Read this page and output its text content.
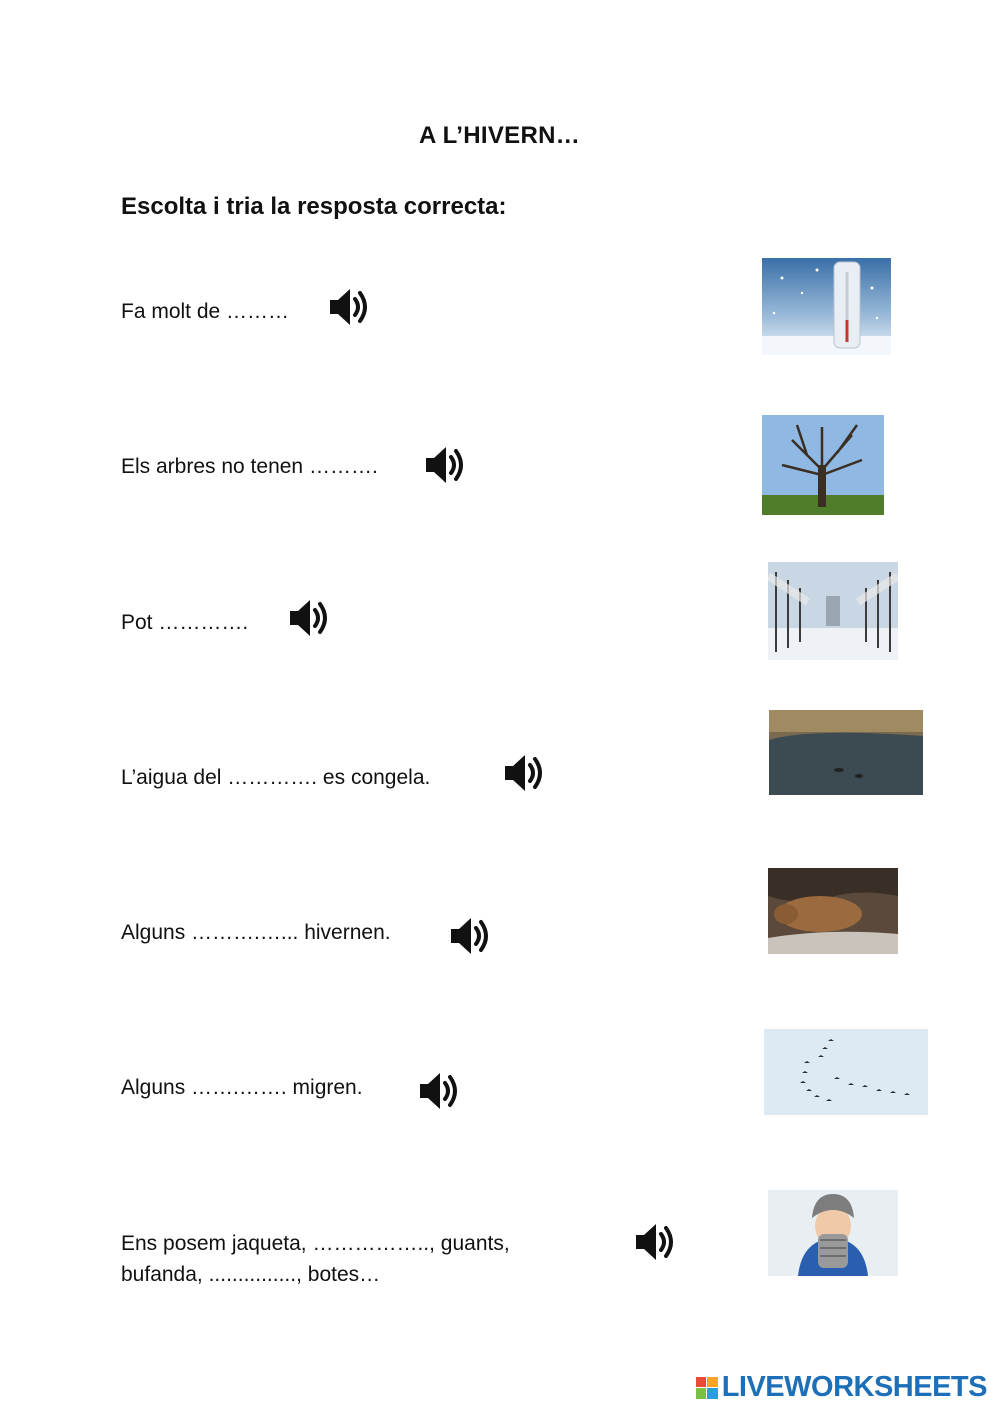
A L’HIVERN…
Escolta i tria la resposta correcta:
Fa molt de ………
Els arbres no tenen ……….
Pot ………….
L’aigua del …………. es congela.
Alguns ……….…... hivernen.
Alguns …….……. migren.
Ens posem jaqueta, …………….., guants,
bufanda, ..............., botes…
LIVEWORKSHEETS
